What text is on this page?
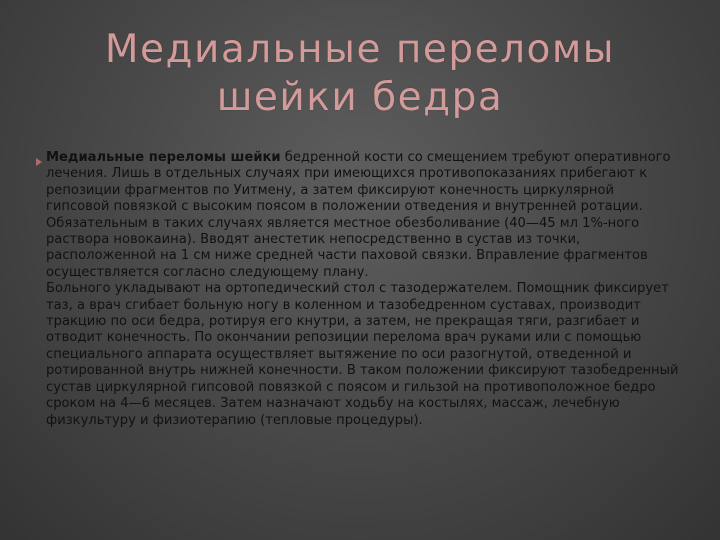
Медиальные переломы
шейки бедра

Медиальные переломы шейки бедренной кости со смещением требуют оперативного лечения. Лишь в отдельных случаях при имеющихся противопоказаниях прибегают к репозиции фрагментов по Уитмену, а затем фиксируют конечность циркулярной гипсовой повязкой с высоким поясом в положении отведения и внутренней ротации. Обязательным в таких случаях является местное обезболивание (40—45 мл 1%-ного раствора новокаина). Вводят анестетик непосредственно в сустав из точки, расположенной на 1 см ниже средней части паховой связки. Вправление фрагментов осуществляется согласно следующему плану.

Больного укладывают на ортопедический стол с тазодержателем. Помощник фиксирует таз, а врач сгибает больную ногу в коленном и тазобедренном суставах, производит тракцию по оси бедра, ротируя его кнутри, а затем, не прекращая тяги, разгибает и отводит конечность. По окончании репозиции перелома врач руками или с помощью специального аппарата осуществляет вытяжение по оси разогнутой, отведенной и ротированной внутрь нижней конечности. В таком положении фиксируют тазобедренный сустав циркулярной гипсовой повязкой с поясом и гильзой на противоположное бедро сроком на 4—6 месяцев. Затем назначают ходьбу на костылях, массаж, лечебную физкультуру и физиотерапию (тепловые процедуры).
